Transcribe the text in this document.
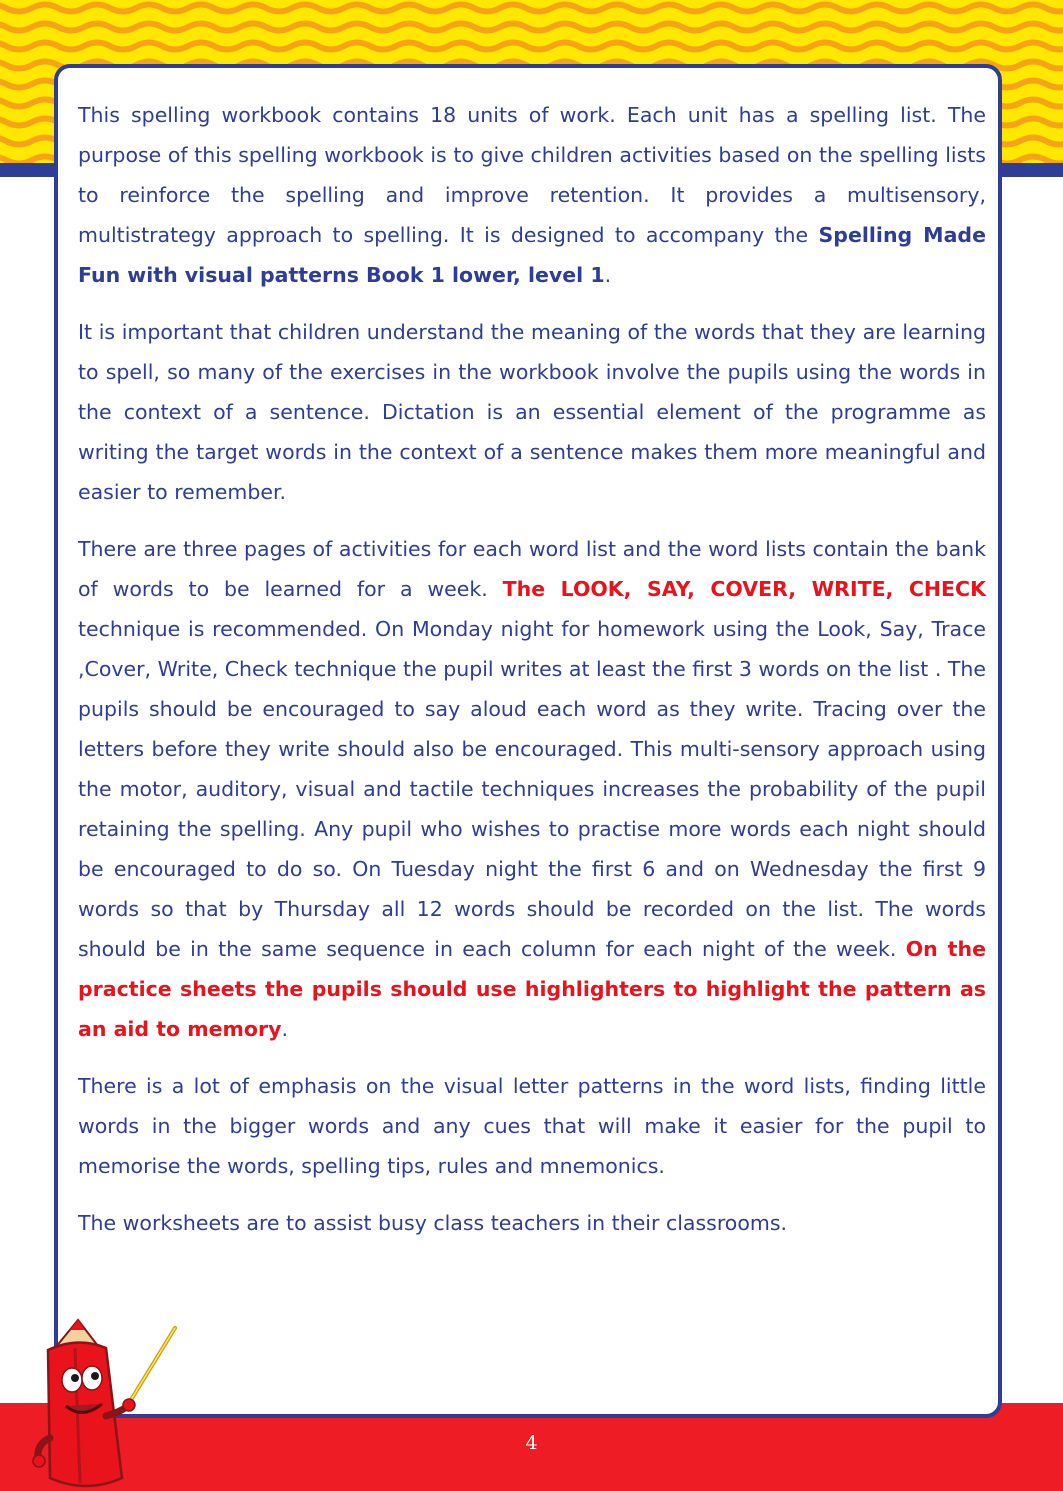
This spelling workbook contains 18 units of work. Each unit has a spelling list. The purpose of this spelling workbook is to give children activities based on the spelling lists to reinforce the spelling and improve retention. It provides a multisensory, multistrategy approach to spelling. It is designed to accompany the Spelling Made Fun with visual patterns Book 1 lower, level 1.

It is important that children understand the meaning of the words that they are learning to spell, so many of the exercises in the workbook involve the pupils using the words in the context of a sentence. Dictation is an essential element of the programme as writing the target words in the context of a sentence makes them more meaningful and easier to remember.

There are three pages of activities for each word list and the word lists contain the bank of words to be learned for a week. The LOOK, SAY, COVER, WRITE, CHECK technique is recommended. On Monday night for homework using the Look, Say, Trace ,Cover, Write, Check technique the pupil writes at least the first 3 words on the list . The pupils should be encouraged to say aloud each word as they write. Tracing over the letters before they write should also be encouraged. This multi-sensory approach using the motor, auditory, visual and tactile techniques increases the probability of the pupil retaining the spelling. Any pupil who wishes to practise more words each night should be encouraged to do so. On Tuesday night the first 6 and on Wednesday the first 9 words so that by Thursday all 12 words should be recorded on the list. The words should be in the same sequence in each column for each night of the week. On the practice sheets the pupils should use highlighters to highlight the pattern as an aid to memory.

There is a lot of emphasis on the visual letter patterns in the word lists, finding little words in the bigger words and any cues that will make it easier for the pupil to memorise the words, spelling tips, rules and mnemonics.

The worksheets are to assist busy class teachers in their classrooms.

4
